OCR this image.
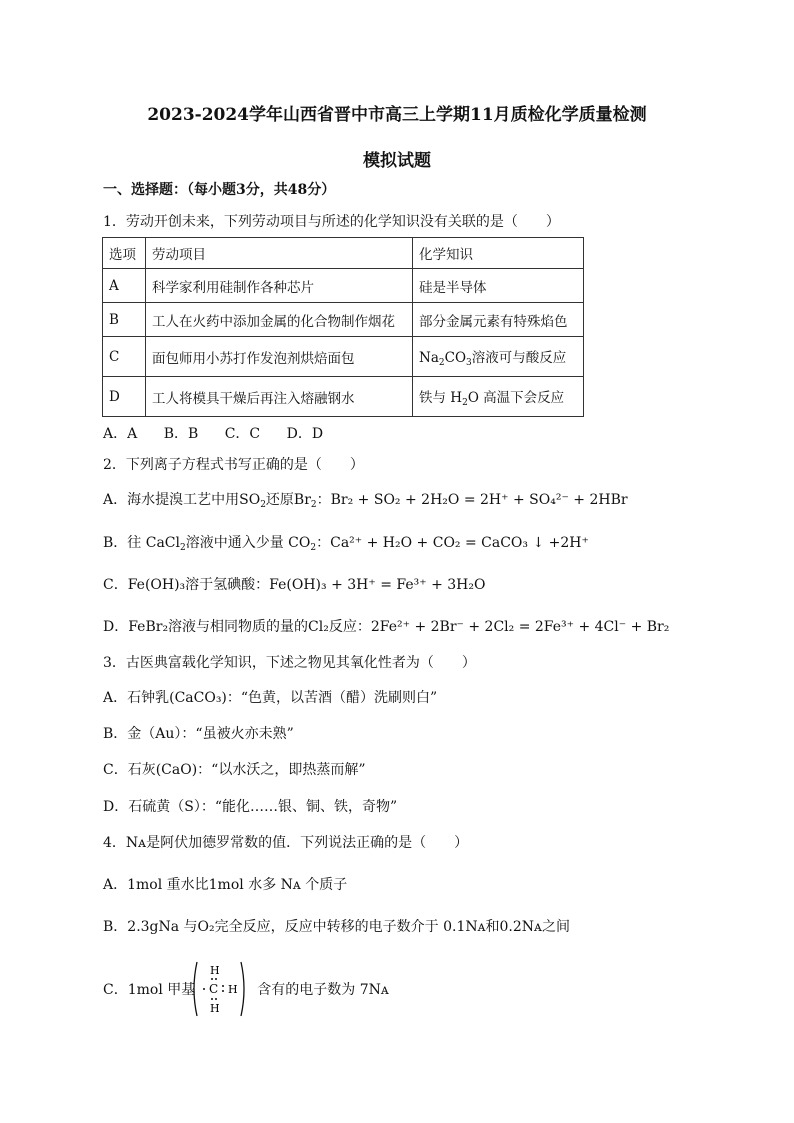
2023-2024学年山西省晋中市高三上学期11月质检化学质量检测
模拟试题
一、选择题：（每小题3分，共48分）
1．劳动开创未来，下列劳动项目与所述的化学知识没有关联的是（　　）
选项	劳动项目	化学知识
A	科学家利用硅制作各种芯片	硅是半导体
B	工人在火药中添加金属的化合物制作烟花	部分金属元素有特殊焰色
C	面包师用小苏打作发泡剂烘焙面包	$Na_2CO_3$溶液可与酸反应
D	工人将模具干燥后再注入熔融钢水	铁与 $H_2O$ 高温下会反应
A．A B．B C．C D．D
2．下列离子方程式书写正确的是（　　）
A．海水提溴工艺中用$SO_2$还原$Br_2$：Br₂ + SO₂ + 2H₂O = 2H⁺ + SO₄²⁻ + 2HBr
B．往 CaCl$_2$溶液中通入少量 $CO_2$：Ca²⁺ + H₂O + CO₂ = CaCO₃ ↓ +2H⁺
C．Fe(OH)₃溶于氢碘酸：Fe(OH)₃ + 3H⁺ = Fe³⁺ + 3H₂O
D．FeBr₂溶液与相同物质的量的Cl₂反应：2Fe²⁺ + 2Br⁻ + 2Cl₂ = 2Fe³⁺ + 4Cl⁻ + Br₂
3．古医典富载化学知识，下述之物见其氧化性者为（　　）
A．石钟乳(CaCO₃)：“色黄，以苦酒（醋）洗刷则白”
B．金（Au）：“虽被火亦未熟”
C．石灰(CaO)：“以水沃之，即热蒸而解”
D．石硫黄（S）：“能化……银、铜、铁，奇物”
4．Nᴀ是阿伏加德罗常数的值．下列说法正确的是（　　）
A．1mol 重水比1mol 水多 Nᴀ 个质子
B．2.3gNa 与O₂完全反应，反应中转移的电子数介于 0.1Nᴀ和0.2Nᴀ之间
C．1mol 甲基	含有的电子数为 7Nᴀ
H
C H
H
